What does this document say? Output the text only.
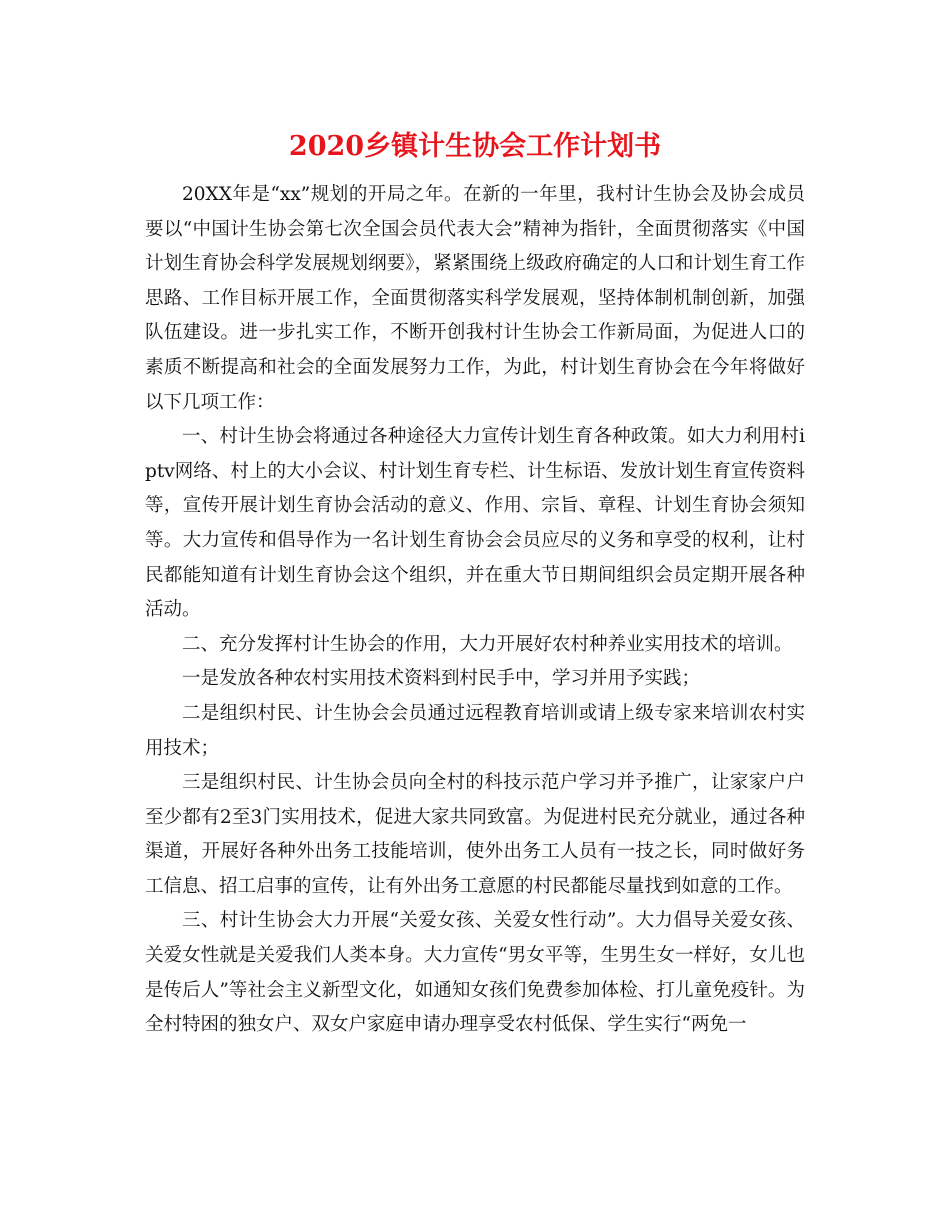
2020乡镇计生协会工作计划书

20XX年是“xx”规划的开局之年。在新的一年里，我村计生协会及协会成员要以“中国计生协会第七次全国会员代表大会”精神为指针，全面贯彻落实《中国计划生育协会科学发展规划纲要》，紧紧围绕上级政府确定的人口和计划生育工作思路、工作目标开展工作，全面贯彻落实科学发展观，坚持体制机制创新，加强队伍建设。进一步扎实工作，不断开创我村计生协会工作新局面，为促进人口的素质不断提高和社会的全面发展努力工作，为此，村计划生育协会在今年将做好以下几项工作：

一、村计生协会将通过各种途径大力宣传计划生育各种政策。如大力利用村iptv网络、村上的大小会议、村计划生育专栏、计生标语、发放计划生育宣传资料等，宣传开展计划生育协会活动的意义、作用、宗旨、章程、计划生育协会须知等。大力宣传和倡导作为一名计划生育协会会员应尽的义务和享受的权利，让村民都能知道有计划生育协会这个组织，并在重大节日期间组织会员定期开展各种活动。

二、充分发挥村计生协会的作用，大力开展好农村种养业实用技术的培训。

一是发放各种农村实用技术资料到村民手中，学习并用予实践；

二是组织村民、计生协会会员通过远程教育培训或请上级专家来培训农村实用技术；

三是组织村民、计生协会员向全村的科技示范户学习并予推广，让家家户户至少都有2至3门实用技术，促进大家共同致富。为促进村民充分就业，通过各种渠道，开展好各种外出务工技能培训，使外出务工人员有一技之长，同时做好务工信息、招工启事的宣传，让有外出务工意愿的村民都能尽量找到如意的工作。

三、村计生协会大力开展“关爱女孩、关爱女性行动”。大力倡导关爱女孩、关爱女性就是关爱我们人类本身。大力宣传“男女平等，生男生女一样好，女儿也是传后人”等社会主义新型文化，如通知女孩们免费参加体检、打儿童免疫针。为全村特困的独女户、双女户家庭申请办理享受农村低保、学生实行“两免一
